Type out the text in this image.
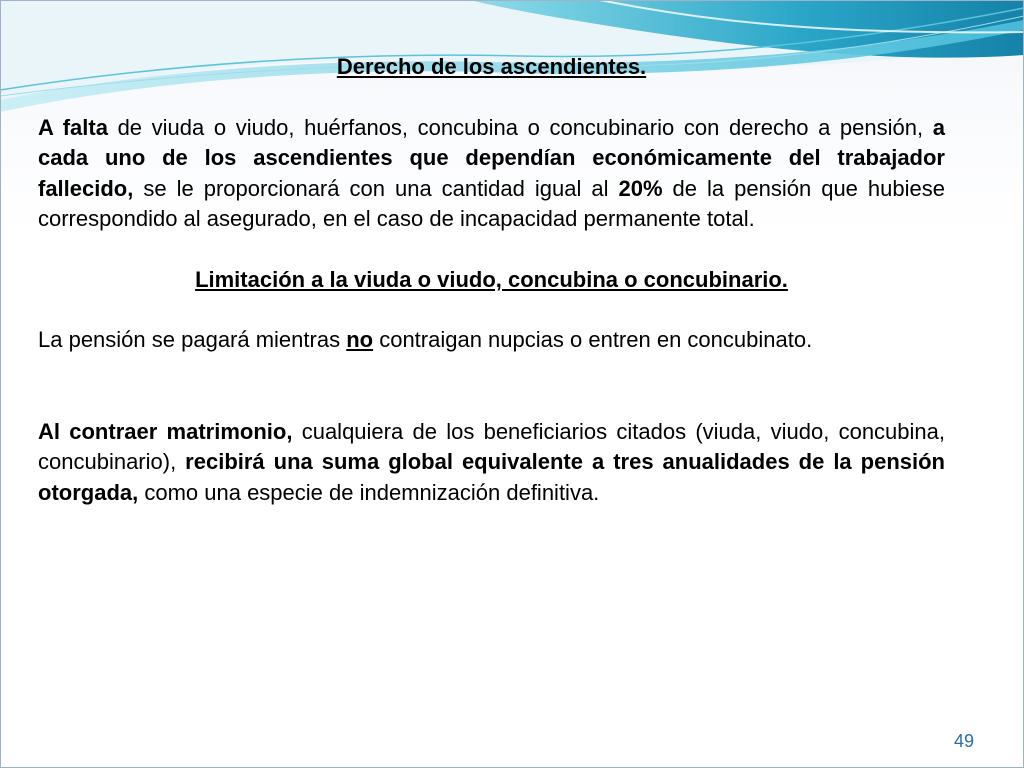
Derecho de los ascendientes.

A falta de viuda o viudo, huérfanos, concubina o concubinario con derecho a pensión, a cada uno de los ascendientes que dependían económicamente del trabajador fallecido, se le proporcionará con una cantidad igual al 20% de la pensión que hubiese correspondido al asegurado, en el caso de incapacidad permanente total.

Limitación a la viuda o viudo, concubina o concubinario.

La pensión se pagará mientras no contraigan nupcias o entren en concubinato.

Al contraer matrimonio, cualquiera de los beneficiarios citados (viuda, viudo, concubina, concubinario), recibirá una suma global equivalente a tres anualidades de la pensión otorgada, como una especie de indemnización definitiva.

49
